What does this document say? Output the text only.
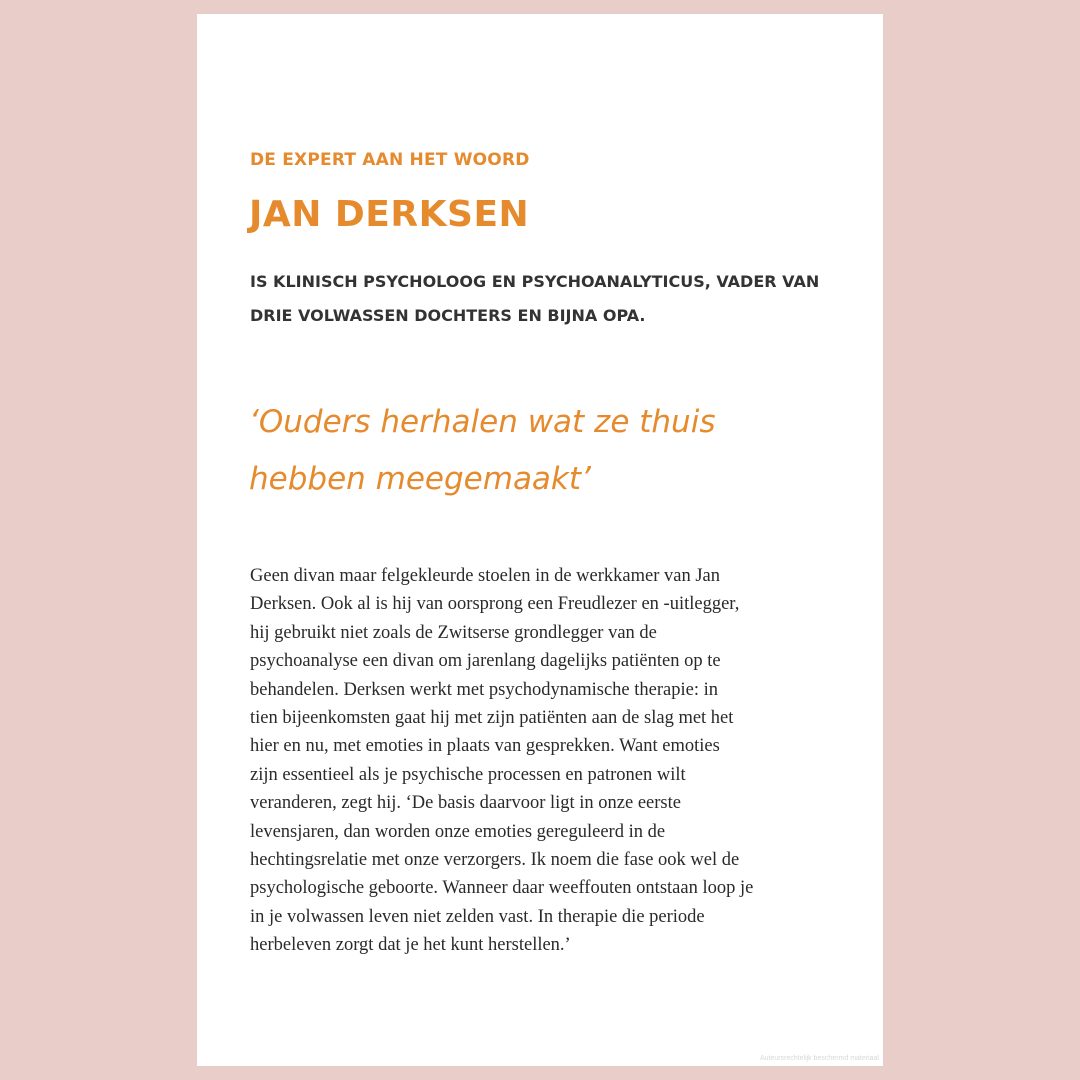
DE EXPERT AAN HET WOORD
JAN DERKSEN
IS KLINISCH PSYCHOLOOG EN PSYCHOANALYTICUS, VADER VAN
DRIE VOLWASSEN DOCHTERS EN BIJNA OPA.
‘Ouders herhalen wat ze thuis
hebben meegemaakt’
Geen divan maar felgekleurde stoelen in de werkkamer van Jan
Derksen. Ook al is hij van oorsprong een Freudlezer en -uitlegger,
hij gebruikt niet zoals de Zwitserse grondlegger van de
psychoanalyse een divan om jarenlang dagelijks patiënten op te
behandelen. Derksen werkt met psychodynamische therapie: in
tien bijeenkomsten gaat hij met zijn patiënten aan de slag met het
hier en nu, met emoties in plaats van gesprekken. Want emoties
zijn essentieel als je psychische processen en patronen wilt
veranderen, zegt hij. ‘De basis daarvoor ligt in onze eerste
levensjaren, dan worden onze emoties gereguleerd in de
hechtingsrelatie met onze verzorgers. Ik noem die fase ook wel de
psychologische geboorte. Wanneer daar weeffouten ontstaan loop je
in je volwassen leven niet zelden vast. In therapie die periode
herbeleven zorgt dat je het kunt herstellen.’
Auteursrechtelijk beschermd materiaal
